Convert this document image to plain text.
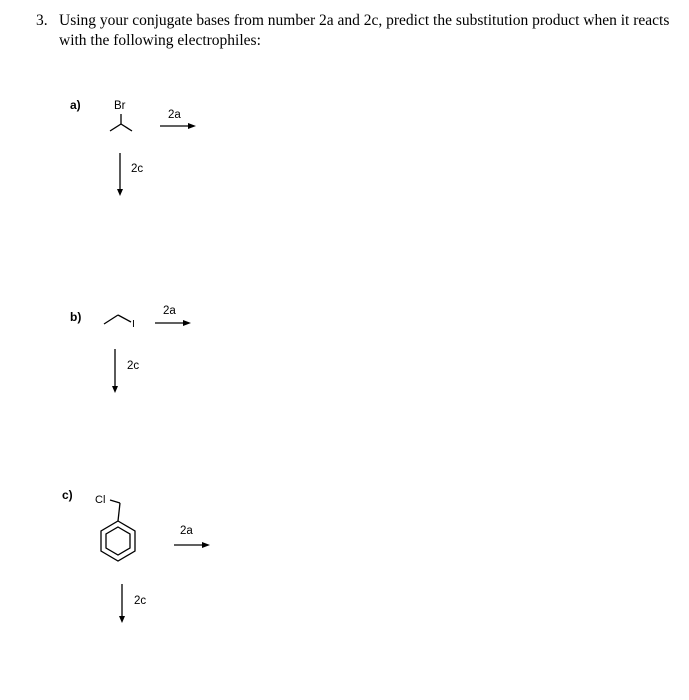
3. Using your conjugate bases from number 2a and 2c, predict the substitution product when it reacts with the following electrophiles:
a)	Br
2a
2c
b)	I
2a
2c
c) Cl
2a
2c
